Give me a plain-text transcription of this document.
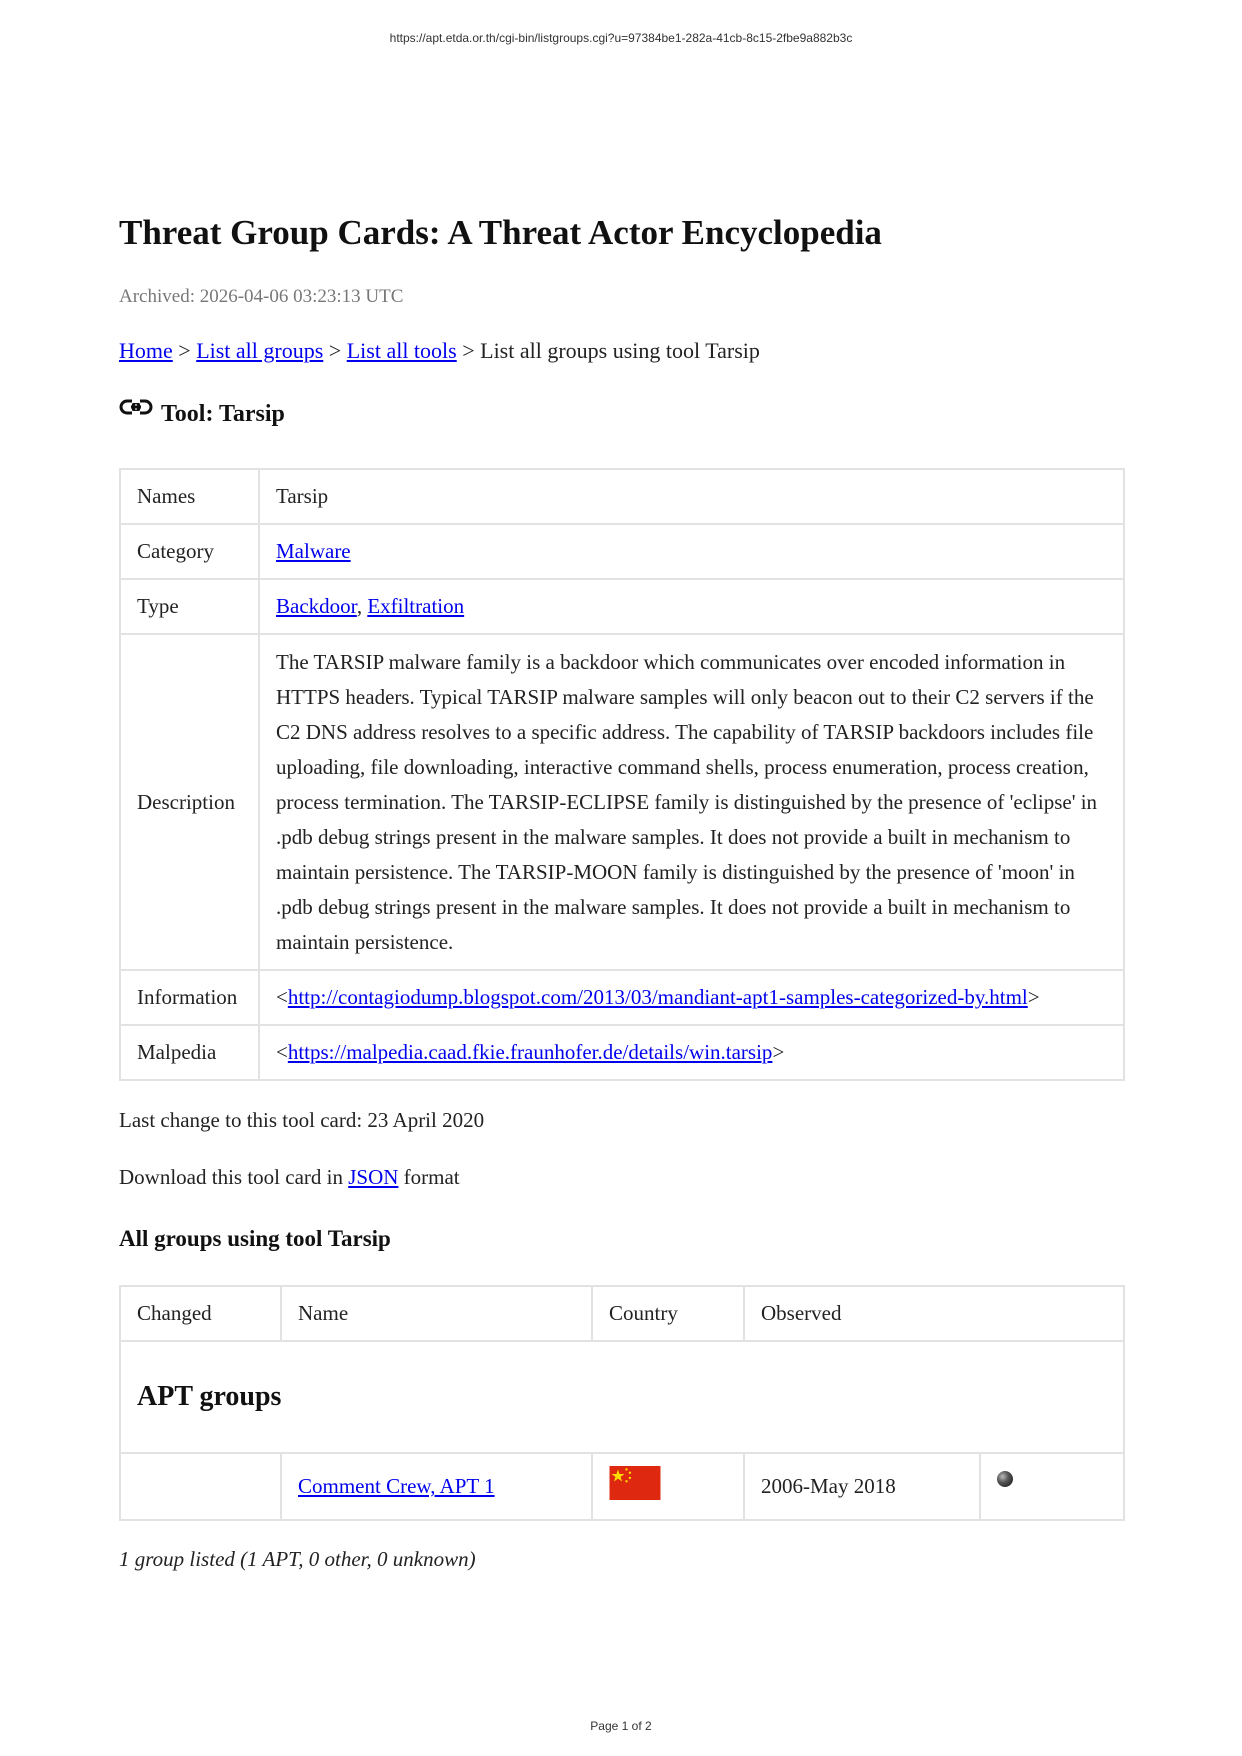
https://apt.etda.or.th/cgi-bin/listgroups.cgi?u=97384be1-282a-41cb-8c15-2fbe9a882b3c
Threat Group Cards: A Threat Actor Encyclopedia
Archived: 2026-04-06 03:23:13 UTC
Home > List all groups > List all tools > List all groups using tool Tarsip
Tool: Tarsip
Names	Tarsip
Category	Malware
Type	Backdoor, Exfiltration
Description	The TARSIP malware family is a backdoor which communicates over encoded information in HTTPS headers. Typical TARSIP malware samples will only beacon out to their C2 servers if the C2 DNS address resolves to a specific address. The capability of TARSIP backdoors includes file uploading, file downloading, interactive command shells, process enumeration, process creation, process termination. The TARSIP-ECLIPSE family is distinguished by the presence of 'eclipse' in .pdb debug strings present in the malware samples. It does not provide a built in mechanism to maintain persistence. The TARSIP-MOON family is distinguished by the presence of 'moon' in .pdb debug strings present in the malware samples. It does not provide a built in mechanism to maintain persistence.
Information	<http://contagiodump.blogspot.com/2013/03/mandiant-apt1-samples-categorized-by.html>
Malpedia	<https://malpedia.caad.fkie.fraunhofer.de/details/win.tarsip>
Last change to this tool card: 23 April 2020
Download this tool card in JSON format
All groups using tool Tarsip
Changed	Name	Country	Observed	
APT groups				
	Comment Crew, APT 1		2006-May 2018	
1 group listed (1 APT, 0 other, 0 unknown)
Page 1 of 2
